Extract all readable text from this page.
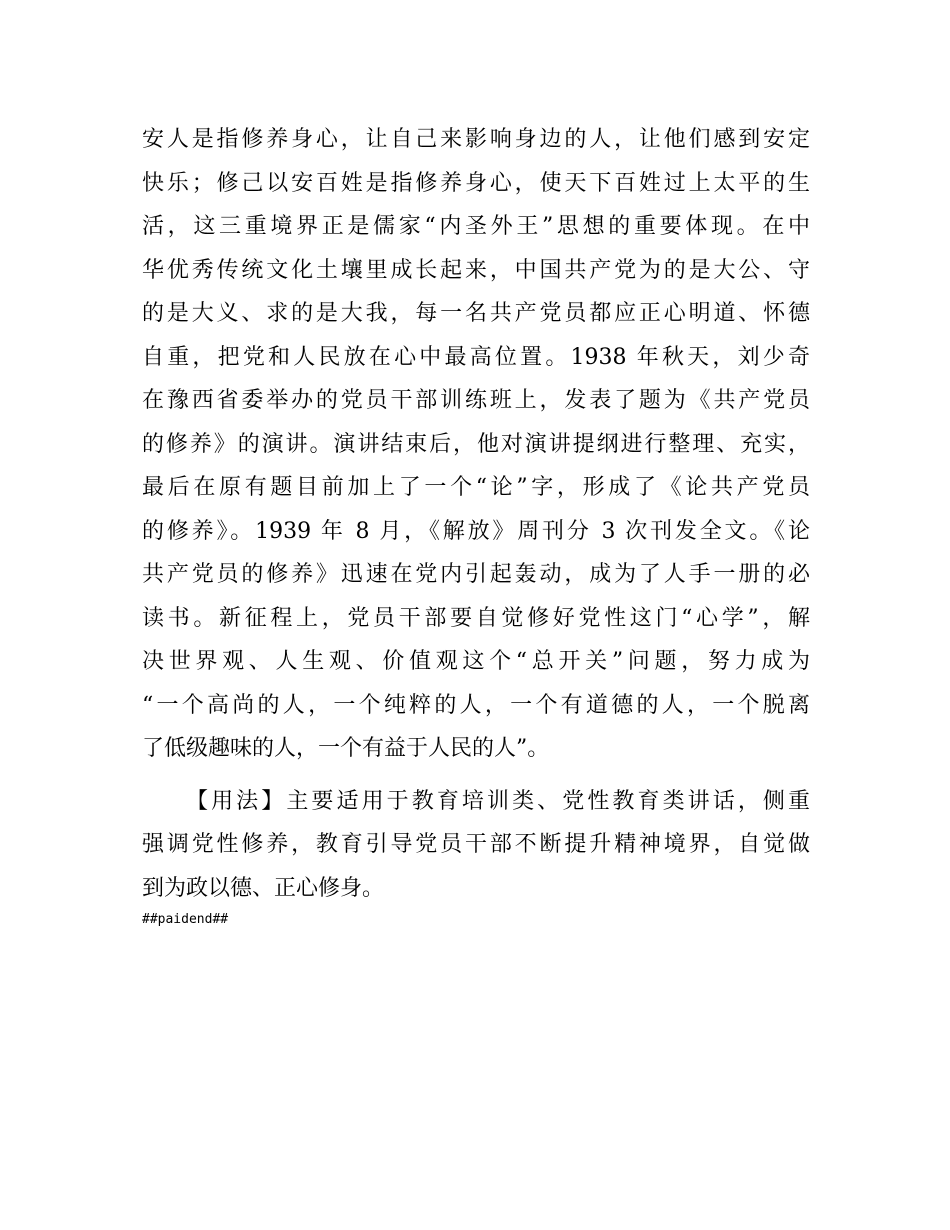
安人是指修养身心，让自己来影响身边的人，让他们感到安定
快乐；修己以安百姓是指修养身心，使天下百姓过上太平的生
活，这三重境界正是儒家“内圣外王”思想的重要体现。在中
华优秀传统文化土壤里成长起来，中国共产党为的是大公、守
的是大义、求的是大我，每一名共产党员都应正心明道、怀德
自重，把党和人民放在心中最高位置。1938 年秋天，刘少奇
在豫西省委举办的党员干部训练班上，发表了题为《共产党员
的修养》的演讲。演讲结束后，他对演讲提纲进行整理、充实，
最后在原有题目前加上了一个“论”字，形成了《论共产党员
的修养》。1939 年 8 月，《解放》周刊分 3 次刊发全文。《论
共产党员的修养》迅速在党内引起轰动，成为了人手一册的必
读书。新征程上，党员干部要自觉修好党性这门“心学”，解
决世界观、人生观、价值观这个“总开关”问题，努力成为
“一个高尚的人，一个纯粹的人，一个有道德的人，一个脱离
了低级趣味的人，一个有益于人民的人”。
【用法】主要适用于教育培训类、党性教育类讲话，侧重
强调党性修养，教育引导党员干部不断提升精神境界，自觉做
到为政以德、正心修身。
##paidend##
